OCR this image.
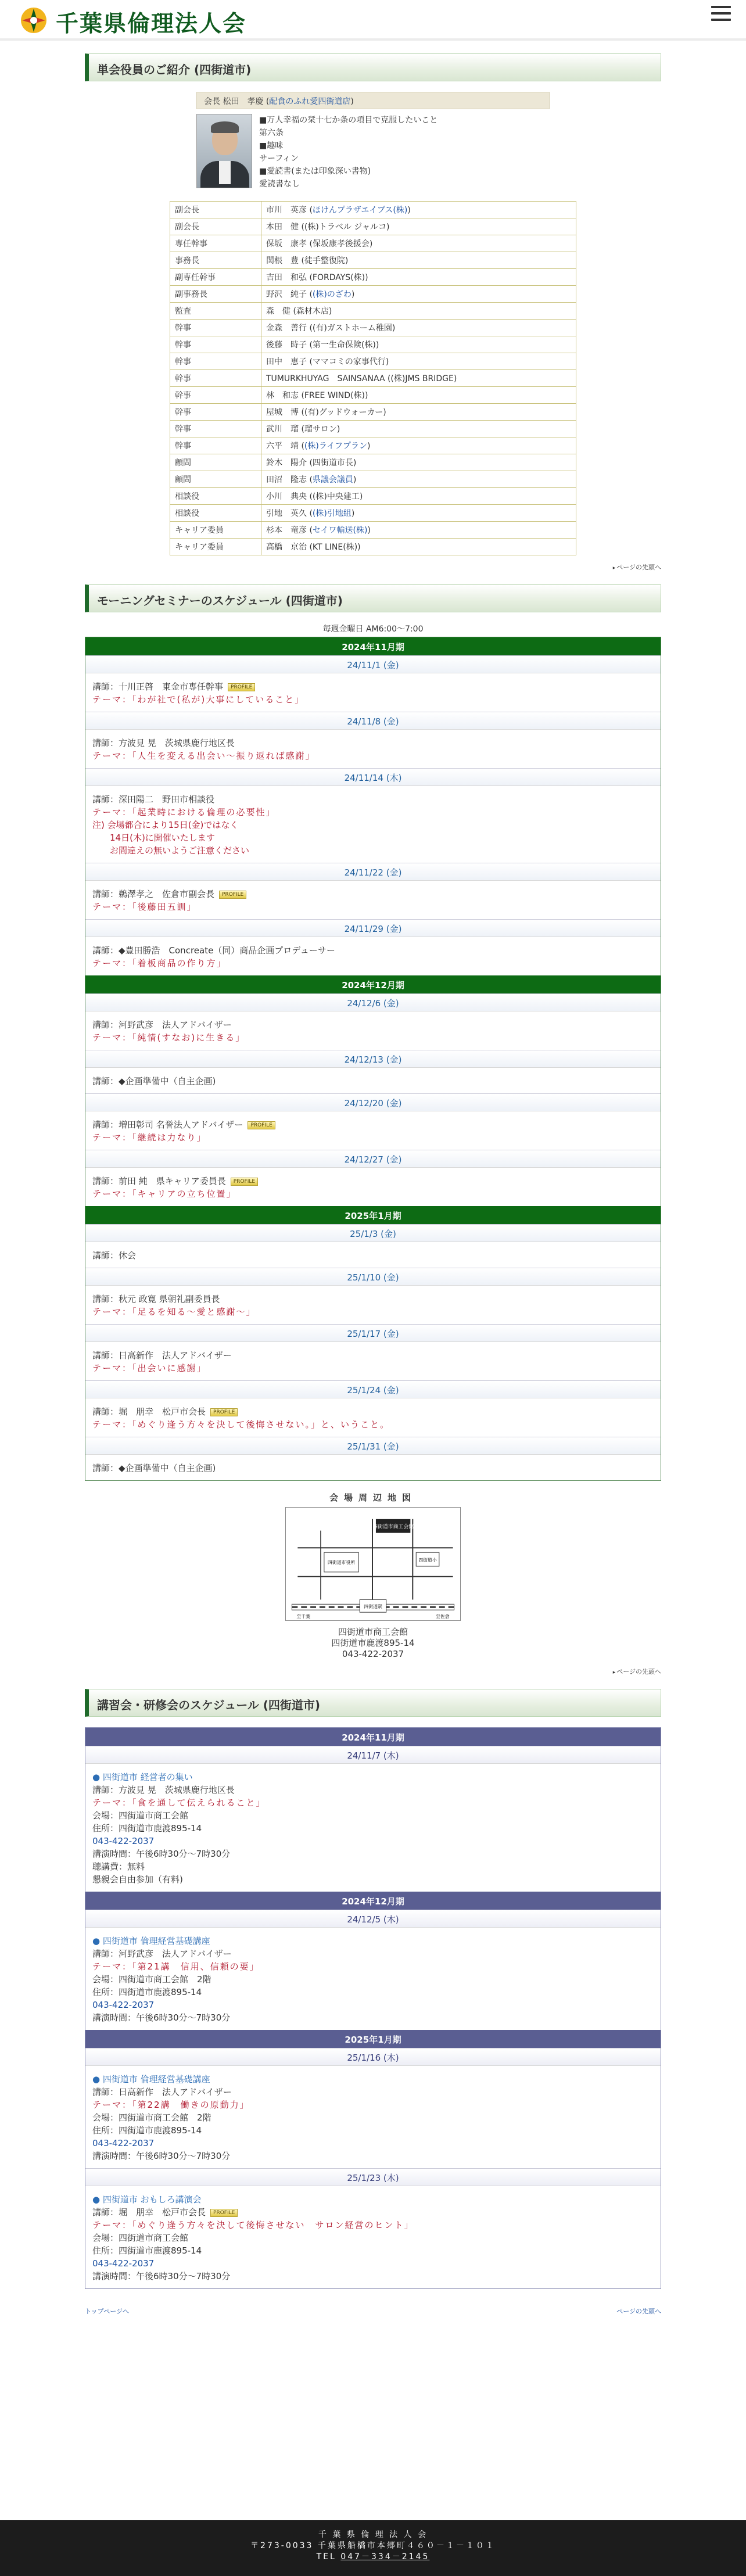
千葉県倫理法人会
単会役員のご紹介 (四街道市)
会長 松田　孝慶 (配食のふれ愛四街道店)
■万人幸福の栞十七か条の項目で克服したいこと
第六条
■趣味
サーフィン
■愛読書(または印象深い書物)
愛読書なし
副会長	市川　英彦 (ほけんプラザエイブス(株))
副会長	本田　健 ((株)トラベル ジャルコ)
専任幹事	保坂　康孝 (保坂康孝後援会)
事務長	関根　豊 (徒手整復院)
副専任幹事	吉田　和弘 (FORDAYS(株))
副事務長	野沢　純子 ((株)のざわ)
監査	森　健 (森材木店)
幹事	金森　善行 ((有)ガストホーム稚園)
幹事	後藤　時子 (第一生命保険(株))
幹事	田中　恵子 (ママコミの家事代行)
幹事	TUMURKHUYAG　SAINSANAA ((株)JMS BRIDGE)
幹事	林　和志 (FREE WIND(株))
幹事	屋城　博 ((有)グッドウォーカー)
幹事	武川　瑠 (瑠サロン)
幹事	六平　靖 ((株)ライフプラン)
顧問	鈴木　陽介 (四街道市長)
顧問	田沼　隆志 (県議会議員)
相談役	小川　典央 ((株)中央建工)
相談役	引地　英久 ((株)引地組)
キャリア委員	杉本　竜彦 (セイワ輸送(株))
キャリア委員	高橋　京治 (KT LINE(株))
▸ ページの先頭へ
モーニングセミナーのスケジュール (四街道市)
毎週金曜日 AM6:00〜7:00
2024年11月期
24/11/1 (金)
講師：十川正啓　東金市専任幹事 PROFILE
テーマ：「わが社で(私が)大事にしていること」
24/11/8 (金)
講師：方波見 晃　茨城県鹿行地区長
テーマ：「人生を変える出会い〜振り返れば感謝」
24/11/14 (木)
講師：深田陽二　野田市相談役
テーマ：「起業時における倫理の必要性」
注) 会場都合により15日(金)ではなく
　　14日(木)に開催いたします
　　お間違えの無いようご注意ください
24/11/22 (金)
講師：鵜澤孝之　佐倉市副会長 PROFILE
テーマ：「後藤田五訓」
24/11/29 (金)
講師：◆豊田勝浩　Concreate（同）商品企画プロデューサー
テーマ：「着板商品の作り方」
2024年12月期
24/12/6 (金)
講師：河野武彦　法人アドバイザー
テーマ：「純情(すなお)に生きる」
24/12/13 (金)
講師：◆企画準備中（自主企画)
24/12/20 (金)
講師：増田彰司 名誉法人アドバイザー PROFILE
テーマ：「継続は力なり」
24/12/27 (金)
講師：前田 純　県キャリア委員長 PROFILE
テーマ：「キャリアの立ち位置」
2025年1月期
25/1/3 (金)
講師：休会
25/1/10 (金)
講師：秋元 政寛 県朝礼副委員長
テーマ：「足るを知る〜愛と感謝〜」
25/1/17 (金)
講師：日高新作　法人アドバイザー
テーマ：「出会いに感謝」
25/1/24 (金)
講師：堀　朋幸　松戸市会長 PROFILE
テーマ：「めぐり逢う方々を決して後悔させない。」と、いうこと。
25/1/31 (金)
講師：◆企画準備中（自主企画)
会場周辺地図
四街道市商工会館
四街道市役所	四街道小
四街道駅
至千葉	至佐倉
四街道市商工会館
四街道市鹿渡895-14
043-422-2037
▸ ページの先頭へ
講習会・研修会のスケジュール (四街道市)
2024年11月期
24/11/7 (木)
● 四街道市 経営者の集い
講師：方波見 晃　茨城県鹿行地区長
テーマ：「食を通して伝えられること」
会場：四街道市商工会館
住所：四街道市鹿渡895-14
043-422-2037
講演時間：午後6時30分〜7時30分
聴講費：無料
懇親会自由参加（有料)
2024年12月期
24/12/5 (木)
● 四街道市 倫理経営基礎講座
講師：河野武彦　法人アドバイザー
テーマ：「第21講　信用、信頼の要」
会場：四街道市商工会館　2階
住所：四街道市鹿渡895-14
043-422-2037
講演時間：午後6時30分〜7時30分
2025年1月期
25/1/16 (木)
● 四街道市 倫理経営基礎講座
講師：日高新作　法人アドバイザー
テーマ：「第22講　働きの原動力」
会場：四街道市商工会館　2階
住所：四街道市鹿渡895-14
043-422-2037
講演時間：午後6時30分〜7時30分
25/1/23 (木)
● 四街道市 おもしろ講演会
講師：堀　朋幸　松戸市会長 PROFILE
テーマ：「めぐり逢う方々を決して後悔させない　サロン経営のヒント」
会場：四街道市商工会館
住所：四街道市鹿渡895-14
043-422-2037
講演時間：午後6時30分〜7時30分
トップページへ	ページの先頭へ
千 葉 県 倫 理 法 人 会
〒273-0033 千葉県船橋市本郷町４６０－１－１０１
TEL 047－334－2145
